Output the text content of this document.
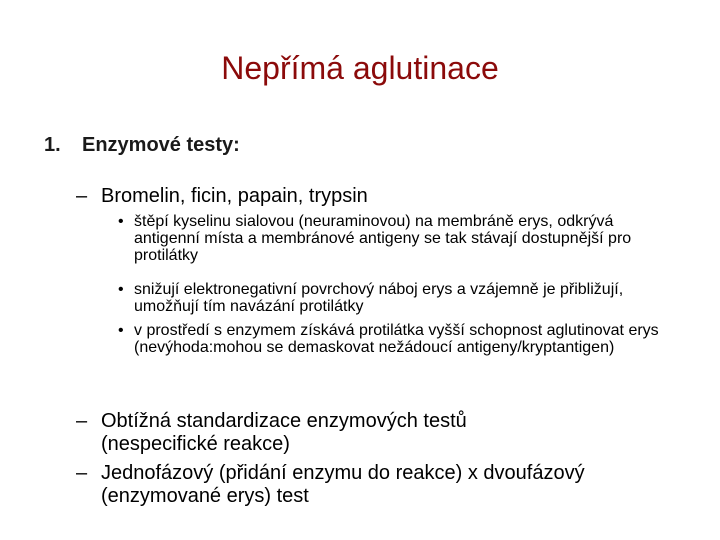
Nepřímá aglutinace
1. Enzymové testy:
– Bromelin, ficin, papain, trypsin
• štěpí kyselinu sialovou (neuraminovou) na membráně erys, odkrývá antigenní místa a membránové antigeny se tak stávají dostupnější pro protilátky
• snižují elektronegativní povrchový náboj erys a vzájemně je přibližují, umožňují tím navázání protilátky
• v prostředí s enzymem získává protilátka vyšší schopnost aglutinovat erys (nevýhoda:mohou se demaskovat nežádoucí antigeny/kryptantigen)
– Obtížná standardizace enzymových testů (nespecifické reakce)
– Jednofázový (přidání enzymu do reakce) x dvoufázový (enzymované erys) test
